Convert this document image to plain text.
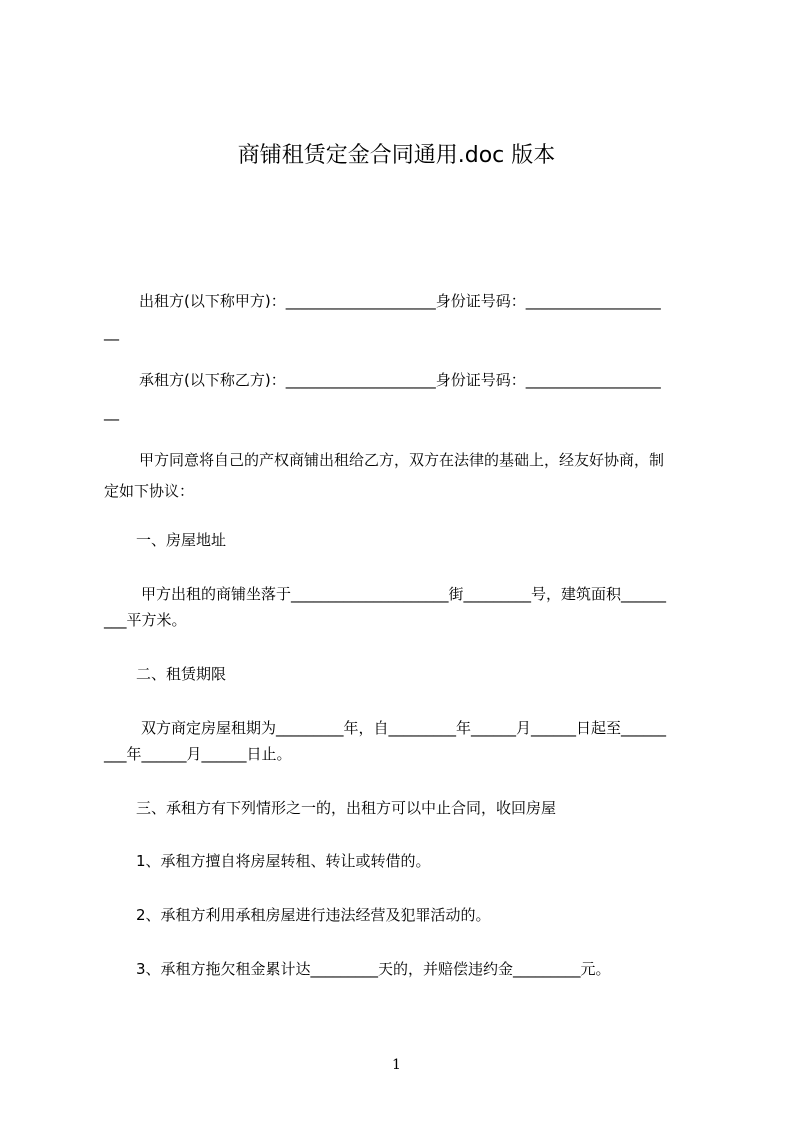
商铺租赁定金合同通用.doc 版本
出租方(以下称甲方)：____________________身份证号码：__________________
__
承租方(以下称乙方)：____________________身份证号码：__________________
__
甲方同意将自己的产权商铺出租给乙方，双方在法律的基础上，经友好协商，制
定如下协议：
一、房屋地址
甲方出租的商铺坐落于_____________________街_________号，建筑面积______
___平方米。
二、租赁期限
双方商定房屋租期为_________年，自_________年______月______日起至______
___年______月______日止。
三、承租方有下列情形之一的，出租方可以中止合同，收回房屋
1、承租方擅自将房屋转租、转让或转借的。
2、承租方利用承租房屋进行违法经营及犯罪活动的。
3、承租方拖欠租金累计达_________天的，并赔偿违约金_________元。
1
